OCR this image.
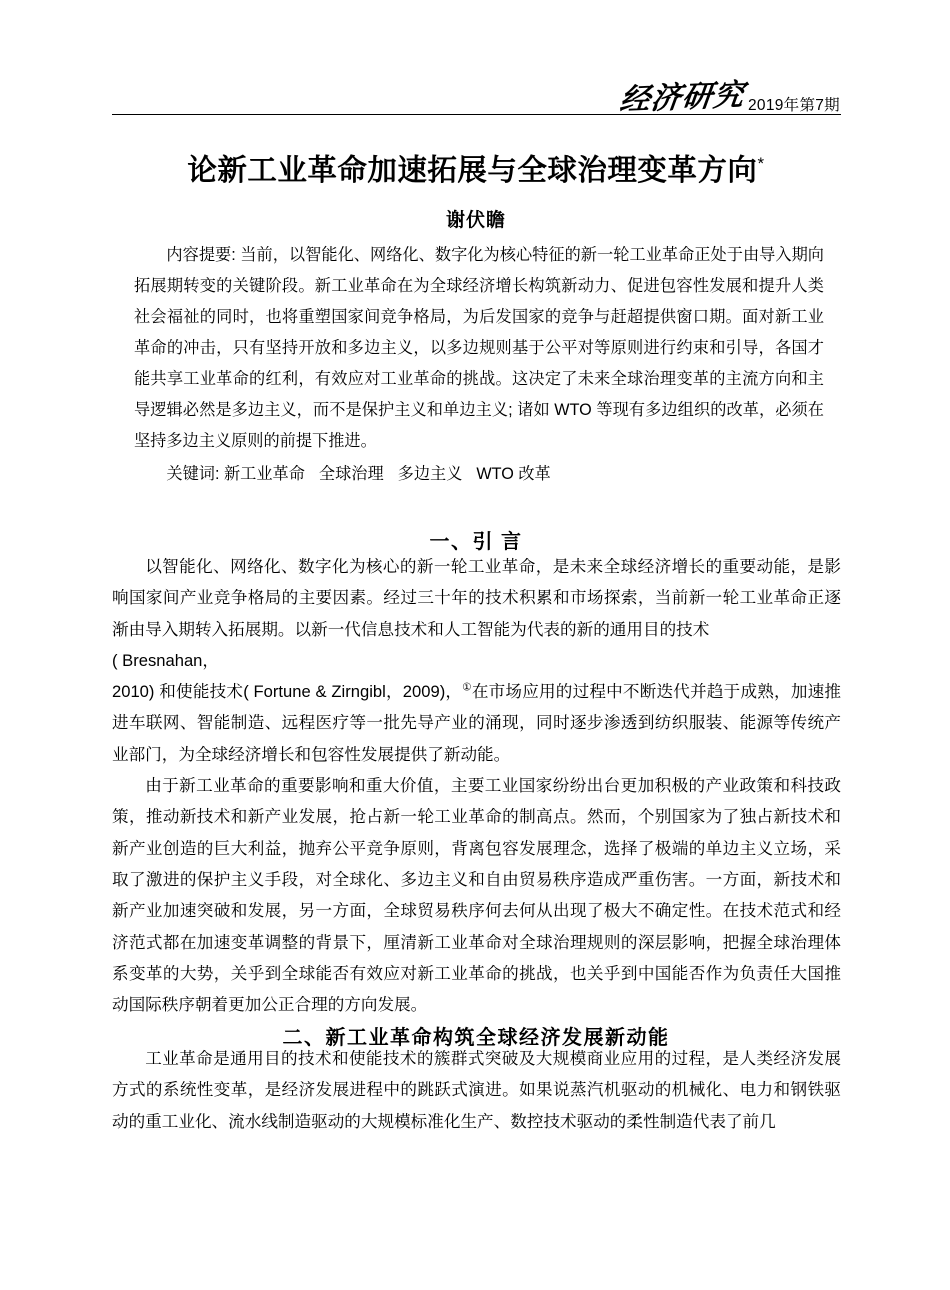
经济研究 2019年第7期
论新工业革命加速拓展与全球治理变革方向*
谢伏瞻

内容提要: 当前，以智能化、网络化、数字化为核心特征的新一轮工业革命正处于由导入期向拓展期转变的关键阶段。新工业革命在为全球经济增长构筑新动力、促进包容性发展和提升人类社会福祉的同时，也将重塑国家间竞争格局，为后发国家的竞争与赶超提供窗口期。面对新工业革命的冲击，只有坚持开放和多边主义，以多边规则基于公平对等原则进行约束和引导，各国才能共享工业革命的红利，有效应对工业革命的挑战。这决定了未来全球治理变革的主流方向和主导逻辑必然是多边主义，而不是保护主义和单边主义; 诸如 WTO 等现有多边组织的改革，必须在坚持多边主义原则的前提下推进。

关键词: 新工业革命 全球治理 多边主义 WTO 改革

一、引 言

以智能化、网络化、数字化为核心的新一轮工业革命，是未来全球经济增长的重要动能，是影响国家间产业竞争格局的主要因素。经过三十年的技术积累和市场探索，当前新一轮工业革命正逐渐由导入期转入拓展期。以新一代信息技术和人工智能为代表的新的通用目的技术

( Bresnahan，

2010) 和使能技术( Fortune & Zirngibl，2009)，①在市场应用的过程中不断迭代并趋于成熟，加速推进车联网、智能制造、远程医疗等一批先导产业的涌现，同时逐步渗透到纺织服装、能源等传统产业部门，为全球经济增长和包容性发展提供了新动能。

由于新工业革命的重要影响和重大价值，主要工业国家纷纷出台更加积极的产业政策和科技政策，推动新技术和新产业发展，抢占新一轮工业革命的制高点。然而，个别国家为了独占新技术和新产业创造的巨大利益，抛弃公平竞争原则，背离包容发展理念，选择了极端的单边主义立场，采取了激进的保护主义手段，对全球化、多边主义和自由贸易秩序造成严重伤害。一方面，新技术和新产业加速突破和发展，另一方面，全球贸易秩序何去何从出现了极大不确定性。在技术范式和经济范式都在加速变革调整的背景下，厘清新工业革命对全球治理规则的深层影响，把握全球治理体系变革的大势，关乎到全球能否有效应对新工业革命的挑战，也关乎到中国能否作为负责任大国推动国际秩序朝着更加公正合理的方向发展。

二、新工业革命构筑全球经济发展新动能

工业革命是通用目的技术和使能技术的簇群式突破及大规模商业应用的过程，是人类经济发展方式的系统性变革，是经济发展进程中的跳跃式演进。如果说蒸汽机驱动的机械化、电力和钢铁驱动的重工业化、流水线制造驱动的大规模标准化生产、数控技术驱动的柔性制造代表了前几
